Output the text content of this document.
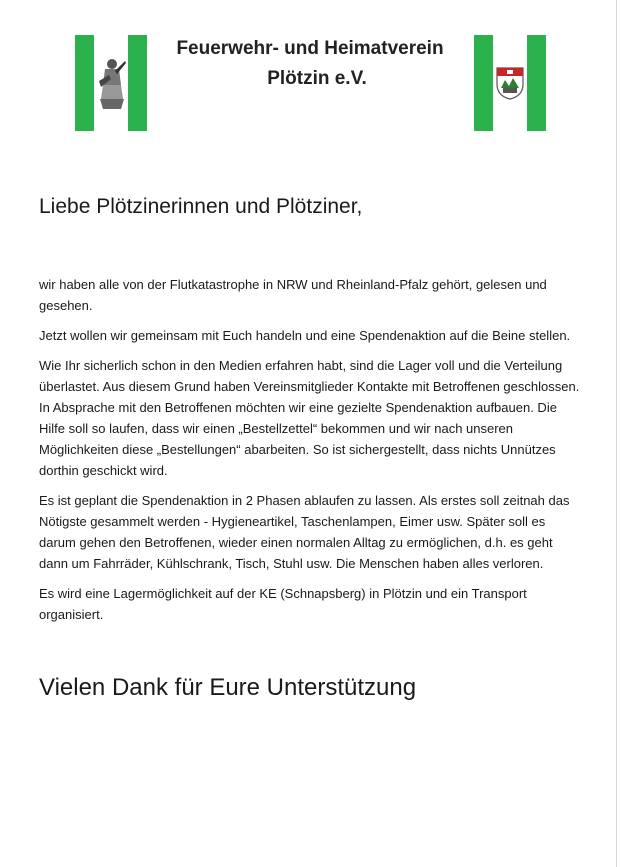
Feuerwehr- und Heimatverein
Plötzin e.V.
Liebe Plötzinerinnen und Plötziner,

wir haben alle von der Flutkatastrophe in NRW und Rheinland-Pfalz gehört, gelesen und gesehen.

Jetzt wollen wir gemeinsam mit Euch handeln und eine Spendenaktion auf die Beine stellen.

Wie Ihr sicherlich schon in den Medien erfahren habt, sind die Lager voll und die Verteilung überlastet. Aus diesem Grund haben Vereinsmitglieder Kontakte mit Betroffenen geschlossen. In Absprache mit den Betroffenen möchten wir eine gezielte Spendenaktion aufbauen. Die Hilfe soll so laufen, dass wir einen „Bestellzettel“ bekommen und wir nach unseren Möglichkeiten diese „Bestellungen“ abarbeiten. So ist sichergestellt, dass nichts Unnützes dorthin geschickt wird.

Es ist geplant die Spendenaktion in 2 Phasen ablaufen zu lassen. Als erstes soll zeitnah das Nötigste gesammelt werden - Hygieneartikel, Taschenlampen, Eimer usw. Später soll es darum gehen den Betroffenen, wieder einen normalen Alltag zu ermöglichen, d.h. es geht dann um Fahrräder, Kühlschrank, Tisch, Stuhl usw. Die Menschen haben alles verloren.

Es wird eine Lagermöglichkeit auf der KE (Schnapsberg) in Plötzin und ein Transport organisiert.

Vielen Dank für Eure Unterstützung
